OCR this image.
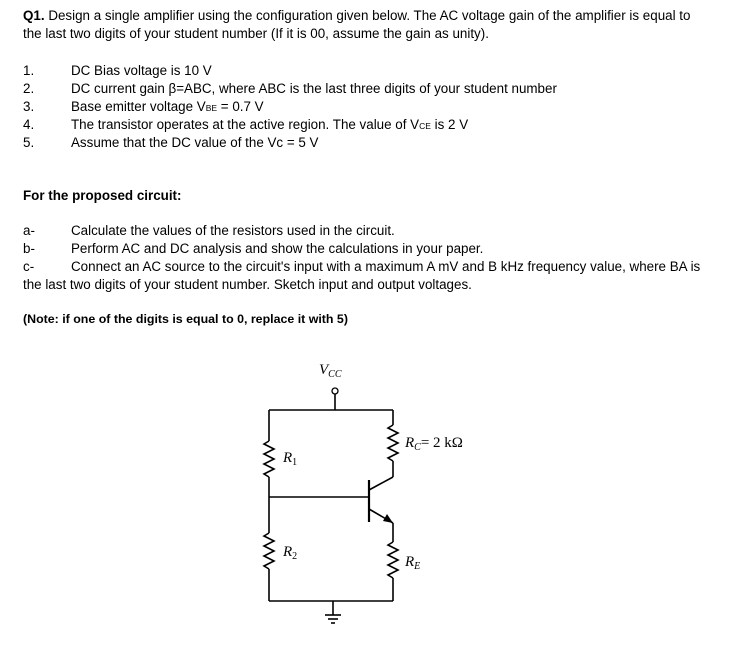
Q1. Design a single amplifier using the configuration given below. The AC voltage gain of the amplifier is equal to
the last two digits of your student number (If it is 00, assume the gain as unity).
1.	DC Bias voltage is 10 V
2.	DC current gain β=ABC, where ABC is the last three digits of your student number
3.	Base emitter voltage VBE = 0.7 V
4.	The transistor operates at the active region. The value of VCE is 2 V
5.	Assume that the DC value of the Vc = 5 V
For the proposed circuit:
a-	Calculate the values of the resistors used in the circuit.
b-	Perform AC and DC analysis and show the calculations in your paper.
c-	Connect an AC source to the circuit's input with a maximum A mV and B kHz frequency value, where BA is
the last two digits of your student number. Sketch input and output voltages.
(Note: if one of the digits is equal to 0, replace it with 5)
$V_{CC}$
$R_1$
$R_2$
$R_C= 2$ kΩ
$R_E$
